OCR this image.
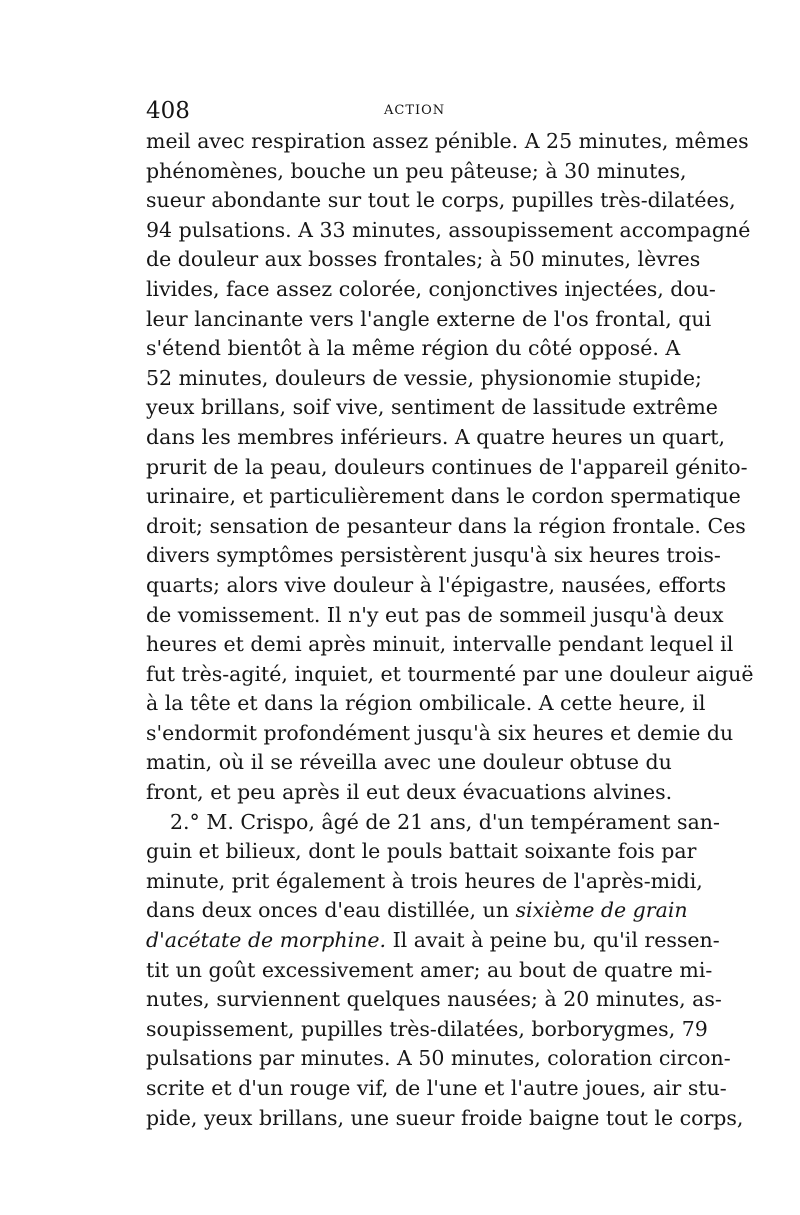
408	ACTION
meil avec respiration assez pénible. A 25 minutes, mêmes
phénomènes, bouche un peu pâteuse; à 30 minutes,
sueur abondante sur tout le corps, pupilles très-dilatées,
94 pulsations. A 33 minutes, assoupissement accompagné
de douleur aux bosses frontales; à 50 minutes, lèvres
livides, face assez colorée, conjonctives injectées, dou-
leur lancinante vers l'angle externe de l'os frontal, qui
s'étend bientôt à la même région du côté opposé. A
52 minutes, douleurs de vessie, physionomie stupide;
yeux brillans, soif vive, sentiment de lassitude extrême
dans les membres inférieurs. A quatre heures un quart,
prurit de la peau, douleurs continues de l'appareil génito-
urinaire, et particulièrement dans le cordon spermatique
droit; sensation de pesanteur dans la région frontale. Ces
divers symptômes persistèrent jusqu'à six heures trois-
quarts; alors vive douleur à l'épigastre, nausées, efforts
de vomissement. Il n'y eut pas de sommeil jusqu'à deux
heures et demi après minuit, intervalle pendant lequel il
fut très-agité, inquiet, et tourmenté par une douleur aiguë
à la tête et dans la région ombilicale. A cette heure, il
s'endormit profondément jusqu'à six heures et demie du
matin, où il se réveilla avec une douleur obtuse du
front, et peu après il eut deux évacuations alvines.
2.° M. Crispo, âgé de 21 ans, d'un tempérament san-
guin et bilieux, dont le pouls battait soixante fois par
minute, prit également à trois heures de l'après-midi,
dans deux onces d'eau distillée, un sixième de grain
d'acétate de morphine. Il avait à peine bu, qu'il ressen-
tit un goût excessivement amer; au bout de quatre mi-
nutes, surviennent quelques nausées; à 20 minutes, as-
soupissement, pupilles très-dilatées, borborygmes, 79
pulsations par minutes. A 50 minutes, coloration circon-
scrite et d'un rouge vif, de l'une et l'autre joues, air stu-
pide, yeux brillans, une sueur froide baigne tout le corps,
